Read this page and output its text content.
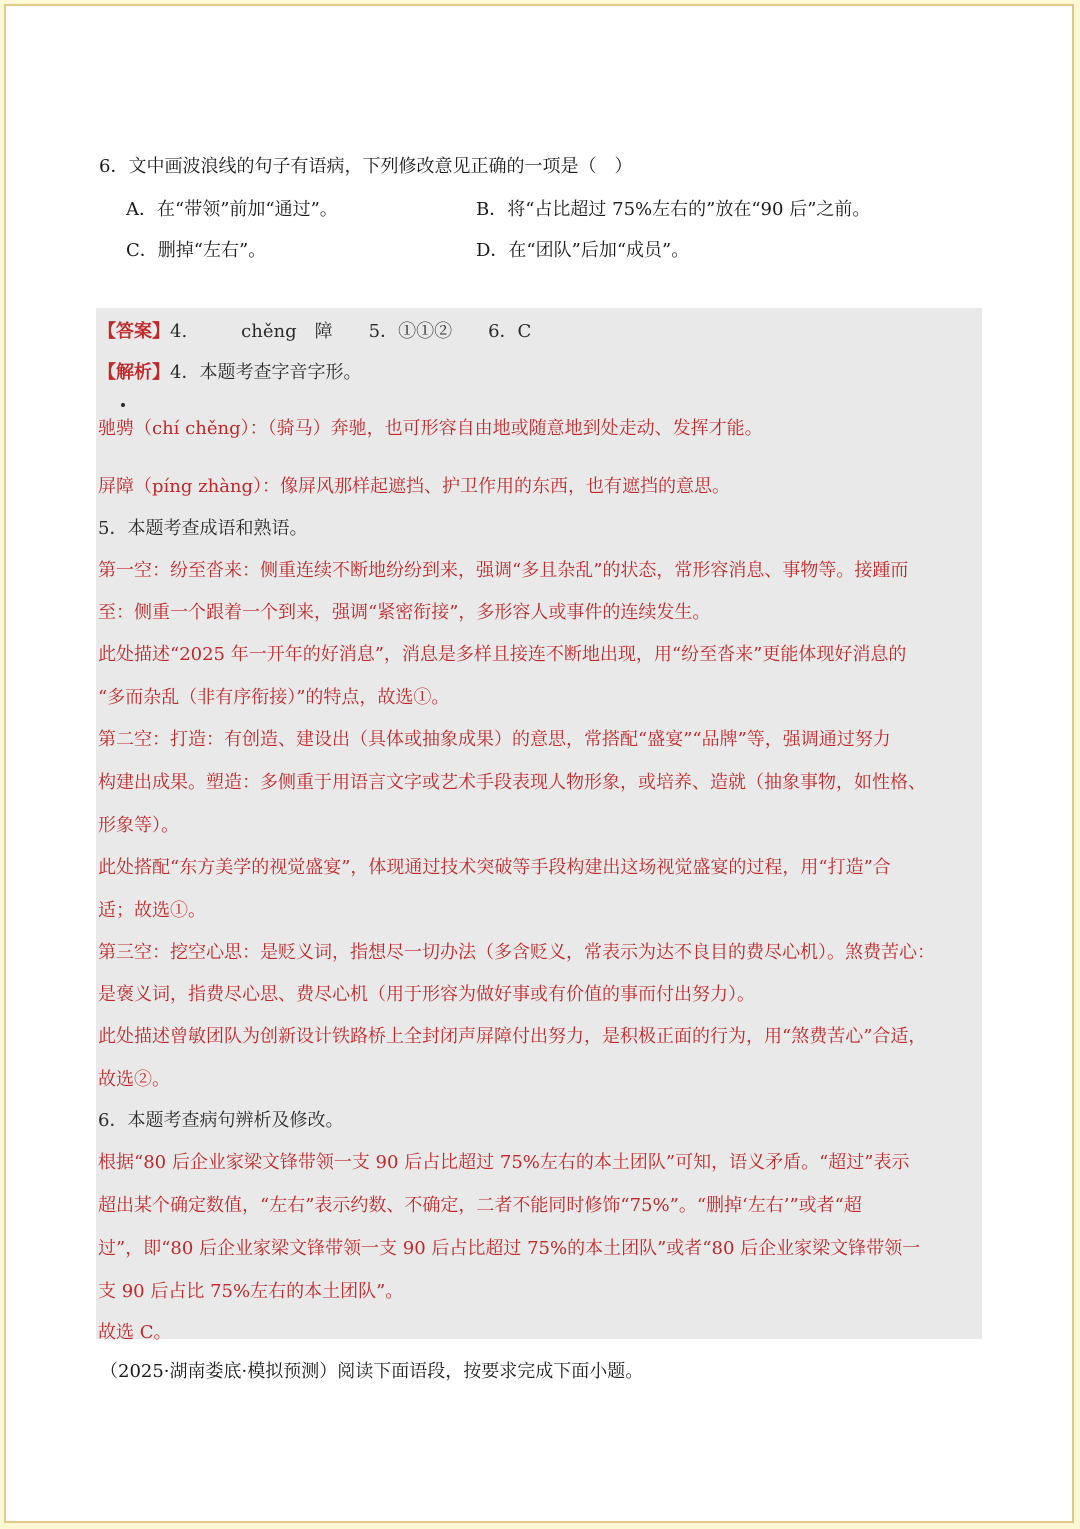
6．文中画波浪线的句子有语病，下列修改意见正确的一项是（　）
A．在“带领”前加“通过”。	B．将“占比超过 75%左右的”放在“90 后”之前。
C．删掉“左右”。	D．在“团队”后加“成员”。
【答案】4.　　　chěng　障　　5．①①②　　6．C
【解析】4．本题考查字音字形。
驰骋（chí chěng）：（骑马）奔驰，也可形容自由地或随意地到处走动、发挥才能。
屏障（píng zhàng）：像屏风那样起遮挡、护卫作用的东西，也有遮挡的意思。
5．本题考查成语和熟语。
第一空：纷至沓来：侧重连续不断地纷纷到来，强调“多且杂乱”的状态，常形容消息、事物等。接踵而
至：侧重一个跟着一个到来，强调“紧密衔接”，多形容人或事件的连续发生。
此处描述“2025 年一开年的好消息”，消息是多样且接连不断地出现，用“纷至沓来”更能体现好消息的
“多而杂乱（非有序衔接）”的特点，故选①。
第二空：打造：有创造、建设出（具体或抽象成果）的意思，常搭配“盛宴”“品牌”等，强调通过努力
构建出成果。塑造：多侧重于用语言文字或艺术手段表现人物形象，或培养、造就（抽象事物，如性格、
形象等）。
此处搭配“东方美学的视觉盛宴”，体现通过技术突破等手段构建出这场视觉盛宴的过程，用“打造”合
适；故选①。
第三空：挖空心思：是贬义词，指想尽一切办法（多含贬义，常表示为达不良目的费尽心机）。煞费苦心：
是褒义词，指费尽心思、费尽心机（用于形容为做好事或有价值的事而付出努力）。
此处描述曾敏团队为创新设计铁路桥上全封闭声屏障付出努力，是积极正面的行为，用“煞费苦心”合适，
故选②。
6．本题考查病句辨析及修改。
根据“80 后企业家梁文锋带领一支 90 后占比超过 75%左右的本土团队”可知，语义矛盾。“超过”表示
超出某个确定数值，“左右”表示约数、不确定，二者不能同时修饰“75%”。“删掉‘左右’”或者“超
过”，即“80 后企业家梁文锋带领一支 90 后占比超过 75%的本土团队”或者“80 后企业家梁文锋带领一
支 90 后占比 75%左右的本土团队”。
故选 C。
（2025·湖南娄底·模拟预测）阅读下面语段，按要求完成下面小题。
